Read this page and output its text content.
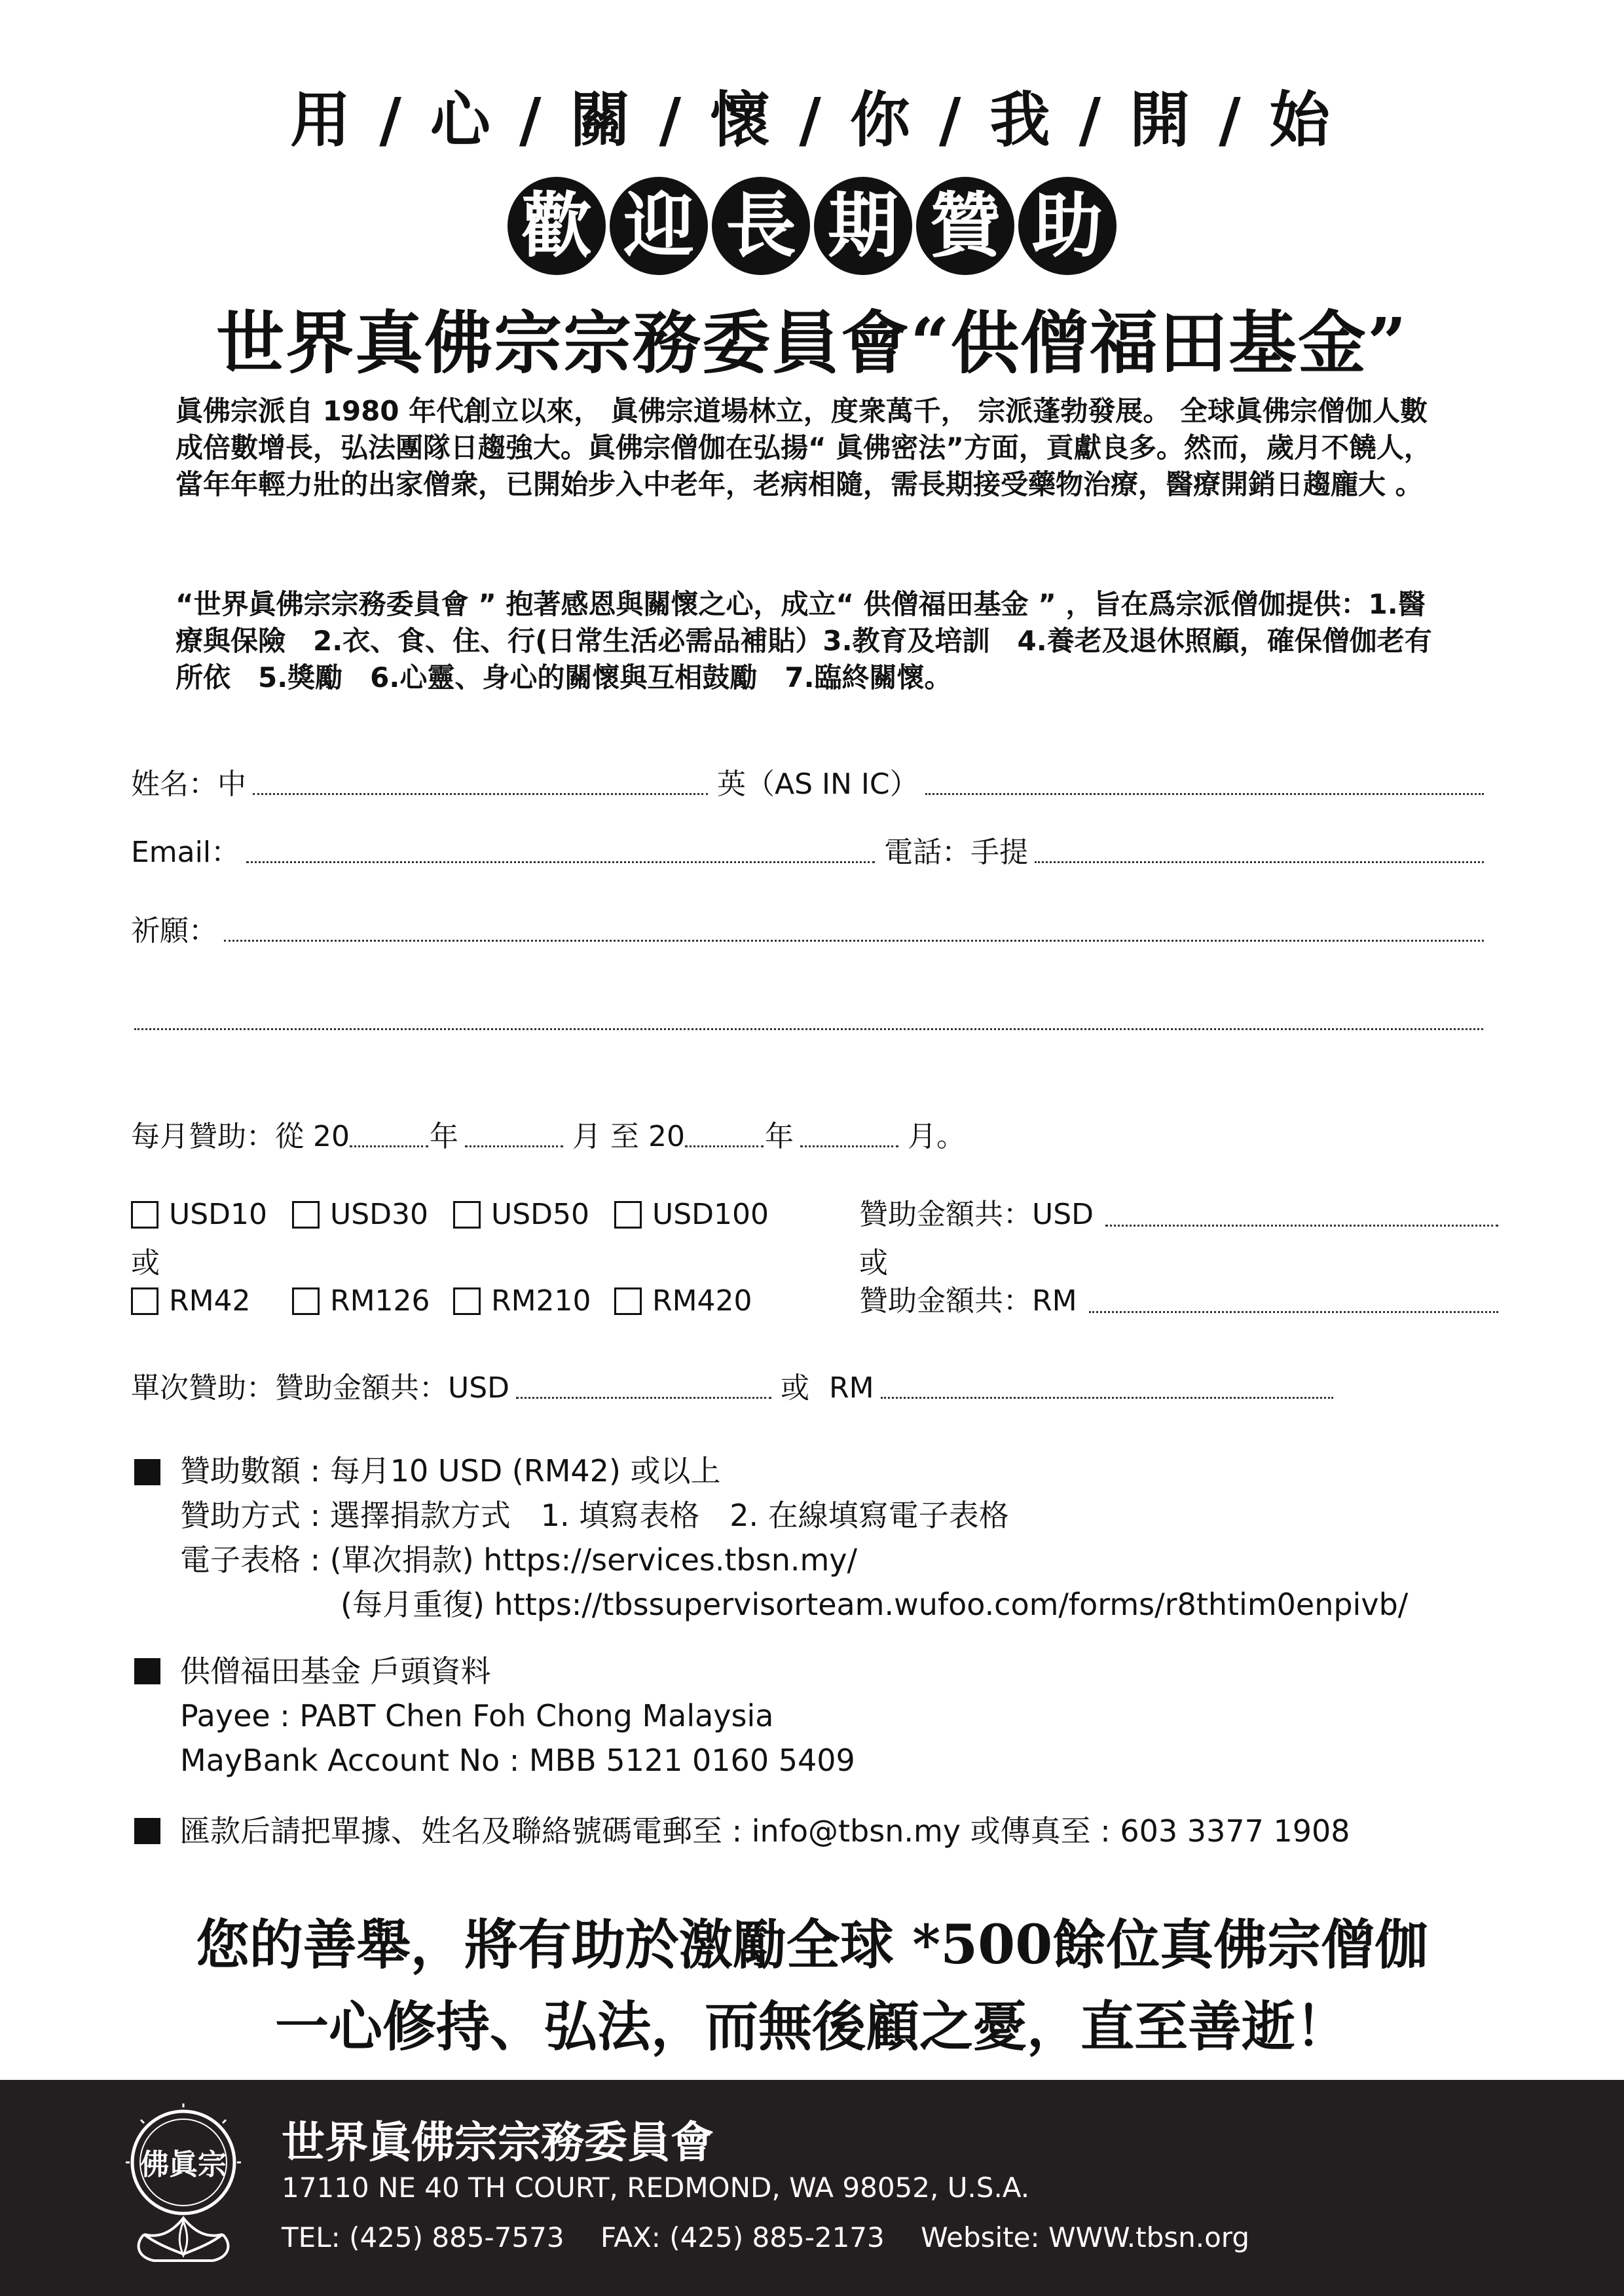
用 / 心 / 關 / 懷 / 你 / 我 / 開 / 始
歡 迎 長 期 贊 助
世界真佛宗宗務委員會“供僧福田基金”
眞佛宗派自 1980 年代創立以來， 眞佛宗道場林立，度衆萬千， 宗派蓬勃發展。 全球眞佛宗僧伽人數成倍數增長，弘法團隊日趨強大。眞佛宗僧伽在弘揚“ 眞佛密法”方面，貢獻良多。然而，歲月不饒人，當年年輕力壯的出家僧衆，已開始步入中老年，老病相隨，需長期接受藥物治療，醫療開銷日趨龐大 。
“世界眞佛宗宗務委員會 ” 抱著感恩與關懷之心，成立“ 供僧福田基金 ” ，旨在爲宗派僧伽提供：1.醫療與保險　2.衣、食、住、行(日常生活必需品補貼）3.教育及培訓　4.養老及退休照顧，確保僧伽老有所依　5.獎勵　6.心靈、身心的關懷與互相鼓勵　7.臨終關懷。
姓名：中	英（AS IN IC）
Email：	電話：手提
祈願：
每月贊助：從 20	年	月 至 20	年	月。
USD10 USD30 USD50 USD100	贊助金額共：USD
或	或
RM42	RM126 RM210 RM420	贊助金額共：RM
單次贊助：贊助金額共：USD	或 RM
贊助數額 : 每月10 USD (RM42) 或以上
贊助方式 : 選擇捐款方式　1. 填寫表格　2. 在線填寫電子表格
電子表格 : (單次捐款) https://services.tbsn.my/
(每月重復) https://tbssupervisorteam.wufoo.com/forms/r8thtim0enpivb/
供僧福田基金 戶頭資料
Payee : PABT Chen Foh Chong Malaysia
MayBank Account No : MBB 5121 0160 5409
匯款后請把單據、姓名及聯絡號碼電郵至 : info@tbsn.my 或傳真至 : 603 3377 1908
您的善舉，將有助於激勵全球 *500餘位真佛宗僧伽
一心修持、弘法，而無後顧之憂，直至善逝！
佛眞宗 世界眞佛宗宗務委員會
17110 NE 40 TH COURT, REDMOND, WA 98052, U.S.A.
TEL: (425) 885-7573　 FAX: (425) 885-2173　 Website: WWW.tbsn.org
